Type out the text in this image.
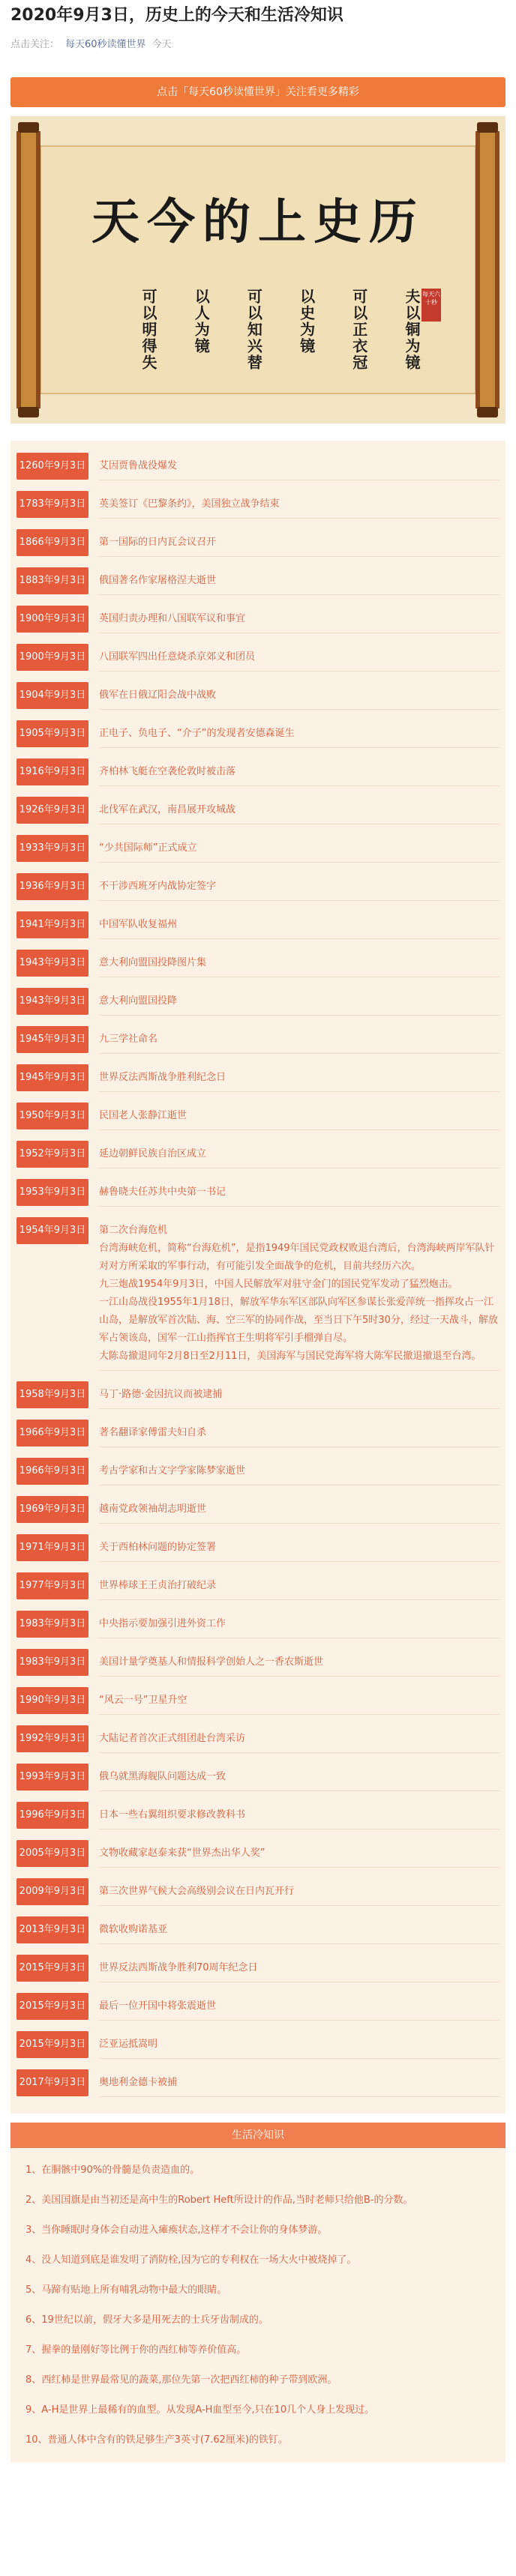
2020年9月3日，历史上的今天和生活冷知识
点击关注： 每天60秒读懂世界 今天
点击「每天60秒读懂世界」关注看更多精彩
天今的上史历
可以明得失 以人为镜 可以知兴替 以史为镜 可以正衣冠 夫以铜为镜 每天六十秒
1260年9月3日 艾因贾鲁战役爆发
1783年9月3日 英美签订《巴黎条约》，美国独立战争结束
1866年9月3日 第一国际的日内瓦会议召开
1883年9月3日 俄国著名作家屠格涅夫逝世
1900年9月3日 英国归责办理和八国联军议和事宜
1900年9月3日 八国联军四出任意烧杀京郊义和团员
1904年9月3日 俄军在日俄辽阳会战中战败
1905年9月3日 正电子、负电子、“介子”的发现者安德森诞生
1916年9月3日 齐柏林飞艇在空袭伦敦时被击落
1926年9月3日 北伐军在武汉，南昌展开攻城战
1933年9月3日 “少共国际师”正式成立
1936年9月3日 不干涉西班牙内战协定签字
1941年9月3日 中国军队收复福州
1943年9月3日 意大利向盟国投降图片集
1943年9月3日 意大利向盟国投降
1945年9月3日 九三学社命名
1945年9月3日 世界反法西斯战争胜利纪念日
1950年9月3日 民国老人张静江逝世
1952年9月3日 延边朝鲜民族自治区成立
1953年9月3日 赫鲁晓夫任苏共中央第一书记
1954年9月3日 第二次台海危机

台湾海峡危机，简称“台海危机”，是指1949年国民党政权败退台湾后，台湾海峡两岸军队针对对方所采取的军事行动，有可能引发全面战争的危机，目前共经历六次。

九三炮战1954年9月3日，中国人民解放军对驻守金门的国民党军发动了猛烈炮击。

一江山岛战役1955年1月18日，解放军华东军区部队向军区参谋长张爱萍统一指挥攻占一江山岛，是解放军首次陆、海、空三军的协同作战，至当日下午5时30分，经过一天战斗，解放军占领该岛，国军一江山指挥官王生明将军引手榴弹自尽。

大陈岛撤退同年2月8日至2月11日，美国海军与国民党海军将大陈军民撤退撤退至台湾。

1958年9月3日 马丁·路德·金因抗议而被逮捕
1966年9月3日 著名翻译家傅雷夫妇自杀
1966年9月3日 考古学家和古文字学家陈梦家逝世
1969年9月3日 越南党政领袖胡志明逝世
1971年9月3日 关于西柏林问题的协定签署
1977年9月3日 世界棒球王王贞治打破纪录
1983年9月3日 中央指示要加强引进外资工作
1983年9月3日 美国计量学奠基人和情报科学创始人之一香农斯逝世
1990年9月3日 “风云一号”卫星升空
1992年9月3日 大陆记者首次正式组团赴台湾采访
1993年9月3日 俄乌就黑海舰队问题达成一致
1996年9月3日 日本一些右翼组织要求修改教科书
2005年9月3日 文物收藏家赵泰来获“世界杰出华人奖”
2009年9月3日 第三次世界气候大会高级别会议在日内瓦开行
2013年9月3日 微软收购诺基亚
2015年9月3日 世界反法西斯战争胜利70周年纪念日
2015年9月3日 最后一位开国中将张震逝世
2015年9月3日 泛亚运抵嵩明
2017年9月3日 奥地利金德卡被捕
生活冷知识
1、在胴骸中90%的骨髓是负责造血的。
2、美国国旗是由当初还是高中生的Robert Heft所设计的作品,当时老师只给他B-的分数。
3、当你睡眠时身体会自动进入瘫痪状态,这样才不会让你的身体梦游。
4、没人知道到底是谁发明了消防栓,因为它的专利权在一场大火中被烧掉了。
5、马蹄有贴地上所有哺乳动物中最大的眼睛。
6、19世纪以前，假牙大多是用死去的士兵牙齿制成的。
7、握拳的量刚好等比例于你的西红柿等养价值高。
8、西红柿是世界最常见的蔬菜,那位先第一次把西红柿的种子带到欧洲。
9、A-H是世界上最稀有的血型。从发现A-H血型至今,只在10几个人身上发现过。
10、普通人体中含有的铁足够生产3英寸(7.62厘米)的铁钉。
